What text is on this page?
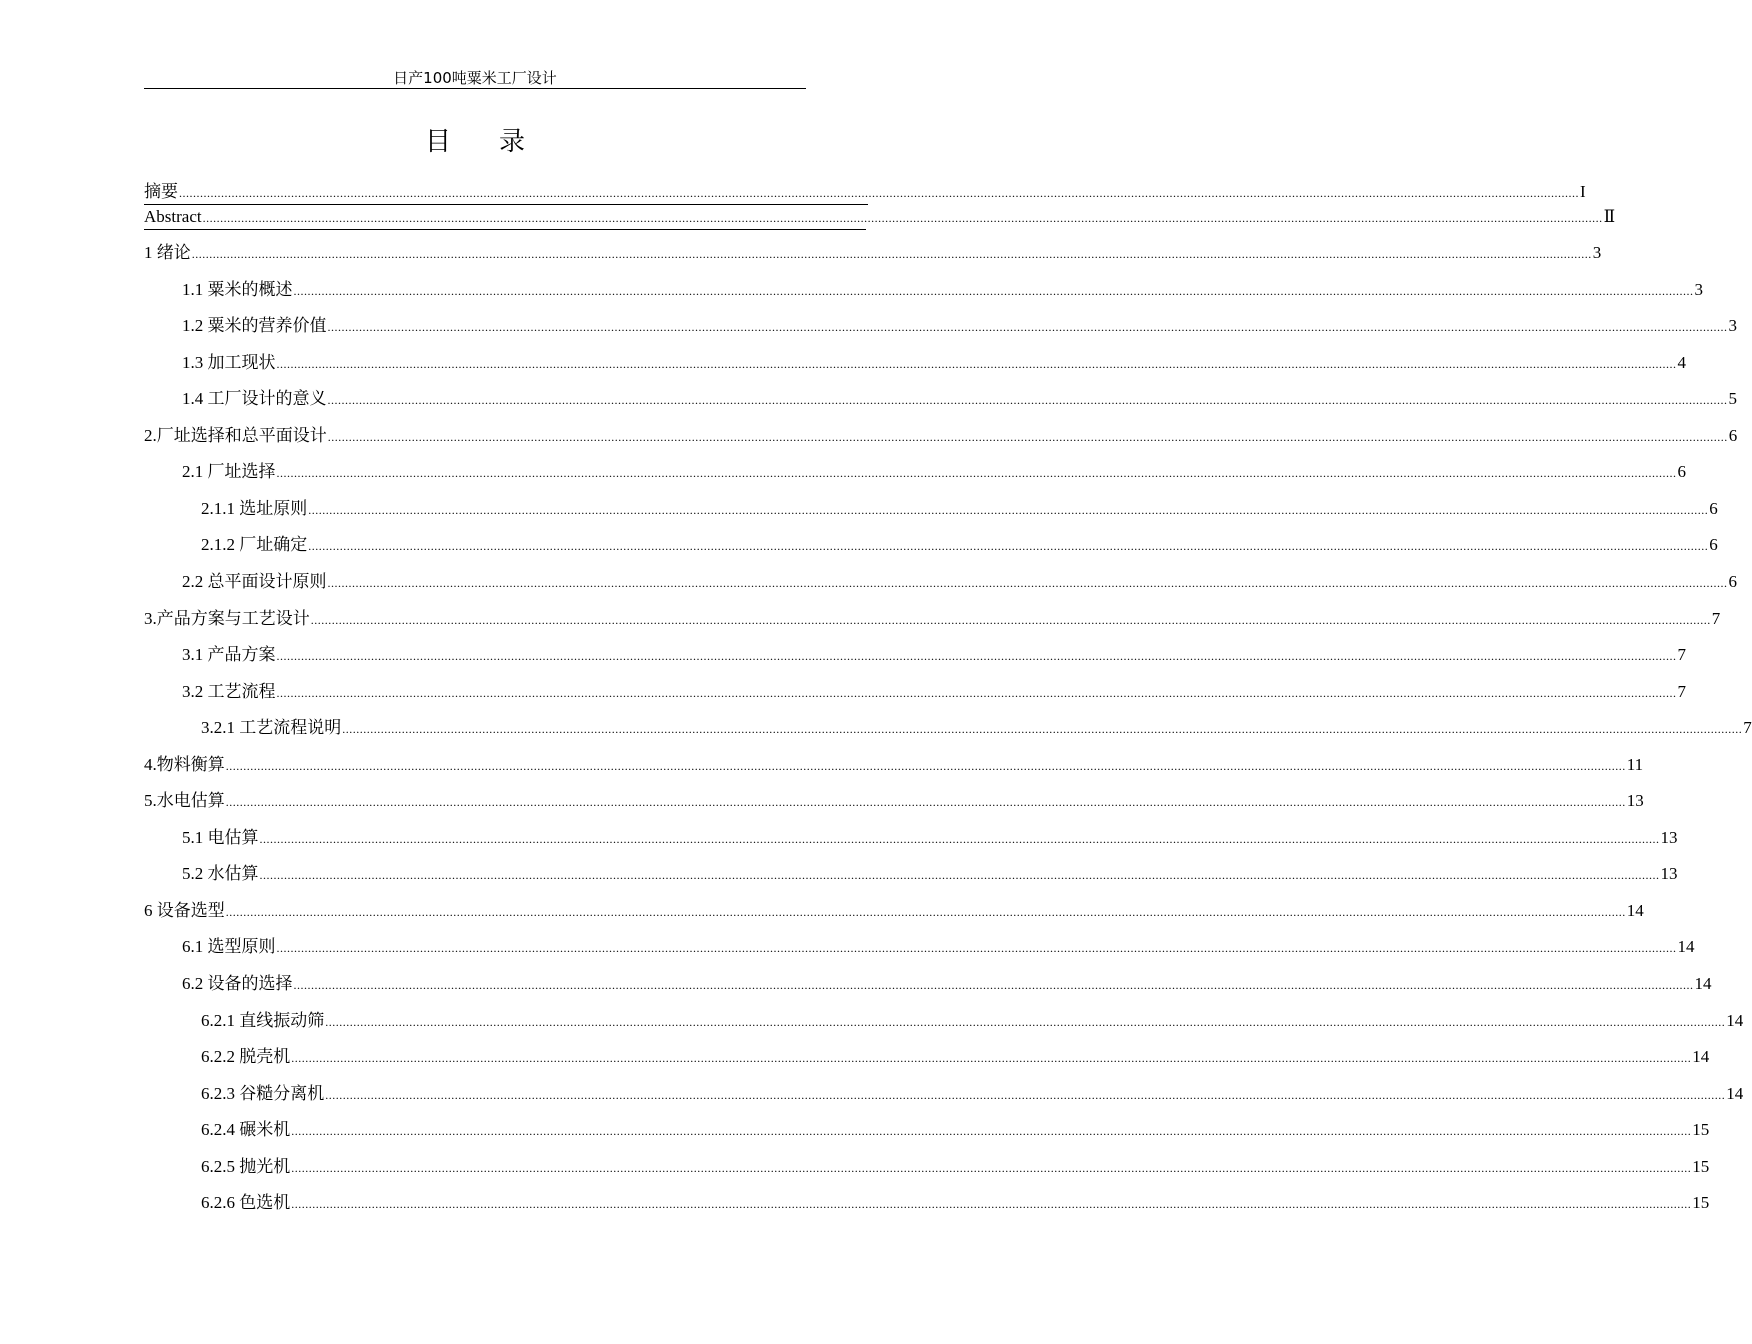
日产100吨粟米工厂设计
目录
摘要 ................................................................................................................................................................................................................................................................................................................................................................................................................ I
Abstract ................................................................................................................................................................................................................................................................................................................................................................................................................ Ⅱ
1 绪论 ................................................................................................................................................................................................................................................................................................................................................................................................................ 3
1.1 粟米的概述 ................................................................................................................................................................................................................................................................................................................................................................................................................ 3
1.2 粟米的营养价值 ................................................................................................................................................................................................................................................................................................................................................................................................................ 3
1.3 加工现状 ................................................................................................................................................................................................................................................................................................................................................................................................................ 4
1.4 工厂设计的意义 ................................................................................................................................................................................................................................................................................................................................................................................................................ 5
2.厂址选择和总平面设计 ................................................................................................................................................................................................................................................................................................................................................................................................................ 6
2.1 厂址选择 ................................................................................................................................................................................................................................................................................................................................................................................................................ 6
2.1.1 选址原则 ................................................................................................................................................................................................................................................................................................................................................................................................................ 6
2.1.2 厂址确定 ................................................................................................................................................................................................................................................................................................................................................................................................................ 6
2.2 总平面设计原则 ................................................................................................................................................................................................................................................................................................................................................................................................................ 6
3.产品方案与工艺设计 ................................................................................................................................................................................................................................................................................................................................................................................................................ 7
3.1 产品方案 ................................................................................................................................................................................................................................................................................................................................................................................................................ 7
3.2 工艺流程 ................................................................................................................................................................................................................................................................................................................................................................................................................ 7
3.2.1 工艺流程说明 ................................................................................................................................................................................................................................................................................................................................................................................................................ 7
4.物料衡算 ................................................................................................................................................................................................................................................................................................................................................................................................................ 11
5.水电估算 ................................................................................................................................................................................................................................................................................................................................................................................................................ 13
5.1 电估算 ................................................................................................................................................................................................................................................................................................................................................................................................................ 13
5.2 水估算 ................................................................................................................................................................................................................................................................................................................................................................................................................ 13
6 设备选型 ................................................................................................................................................................................................................................................................................................................................................................................................................ 14
6.1 选型原则 ................................................................................................................................................................................................................................................................................................................................................................................................................ 14
6.2 设备的选择 ................................................................................................................................................................................................................................................................................................................................................................................................................ 14
6.2.1 直线振动筛 ................................................................................................................................................................................................................................................................................................................................................................................................................ 14
6.2.2 脱壳机 ................................................................................................................................................................................................................................................................................................................................................................................................................ 14
6.2.3 谷糙分离机 ................................................................................................................................................................................................................................................................................................................................................................................................................ 14
6.2.4 碾米机 ................................................................................................................................................................................................................................................................................................................................................................................................................ 15
6.2.5 抛光机 ................................................................................................................................................................................................................................................................................................................................................................................................................ 15
6.2.6 色选机 ................................................................................................................................................................................................................................................................................................................................................................................................................ 15
